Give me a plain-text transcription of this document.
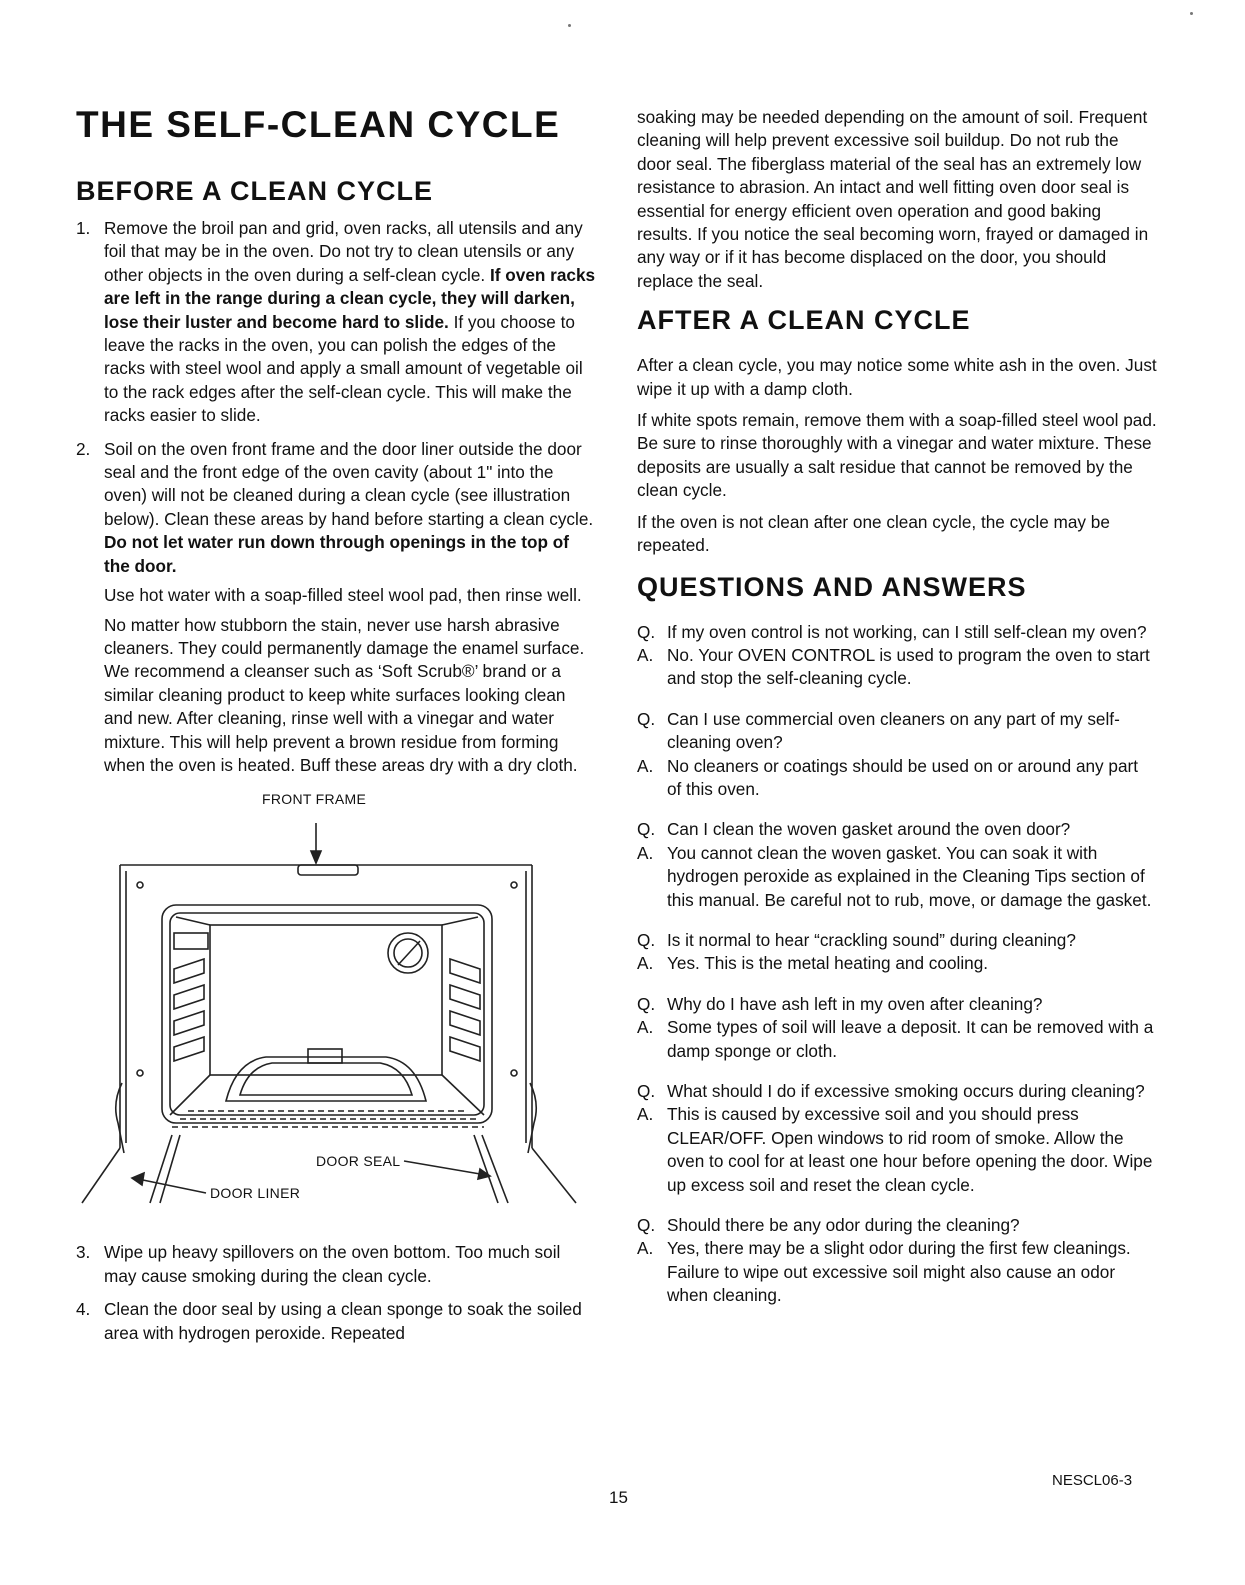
THE SELF-CLEAN CYCLE
BEFORE A CLEAN CYCLE
1. Remove the broil pan and grid, oven racks, all utensils and any foil that may be in the oven. Do not try to clean utensils or any other objects in the oven during a self-clean cycle. If oven racks are left in the range during a clean cycle, they will darken, lose their luster and become hard to slide. If you choose to leave the racks in the oven, you can polish the edges of the racks with steel wool and apply a small amount of vegetable oil to the rack edges after the self-clean cycle. This will make the racks easier to slide.
2. Soil on the oven front frame and the door liner outside the door seal and the front edge of the oven cavity (about 1" into the oven) will not be cleaned during a clean cycle (see illustration below). Clean these areas by hand before starting a clean cycle. Do not let water run down through openings in the top of the door.

Use hot water with a soap-filled steel wool pad, then rinse well.

No matter how stubborn the stain, never use harsh abrasive cleaners. They could permanently damage the enamel surface. We recommend a cleanser such as ‘Soft Scrub®’ brand or a similar cleaning product to keep white surfaces looking clean and new. After cleaning, rinse well with a vinegar and water mixture. This will help prevent a brown residue from forming when the oven is heated. Buff these areas dry with a dry cloth.

FRONT FRAME
DOOR SEAL
DOOR LINER
3. Wipe up heavy spillovers on the oven bottom. Too much soil may cause smoking during the clean cycle.
4. Clean the door seal by using a clean sponge to soak the soiled area with hydrogen peroxide. Repeated

soaking may be needed depending on the amount of soil. Frequent cleaning will help prevent excessive soil buildup. Do not rub the door seal. The fiberglass material of the seal has an extremely low resistance to abrasion. An intact and well fitting oven door seal is essential for energy efficient oven operation and good baking results. If you notice the seal becoming worn, frayed or damaged in any way or if it has become displaced on the door, you should replace the seal.

AFTER A CLEAN CYCLE

After a clean cycle, you may notice some white ash in the oven. Just wipe it up with a damp cloth.

If white spots remain, remove them with a soap-filled steel wool pad. Be sure to rinse thoroughly with a vinegar and water mixture. These deposits are usually a salt residue that cannot be removed by the clean cycle.

If the oven is not clean after one clean cycle, the cycle may be repeated.

QUESTIONS AND ANSWERS
Q. If my oven control is not working, can I still self-clean my oven?
A. No. Your OVEN CONTROL is used to program the oven to start and stop the self-cleaning cycle.
Q. Can I use commercial oven cleaners on any part of my self-cleaning oven?
A. No cleaners or coatings should be used on or around any part of this oven.
Q. Can I clean the woven gasket around the oven door?
A. You cannot clean the woven gasket. You can soak it with hydrogen peroxide as explained in the Cleaning Tips section of this manual. Be careful not to rub, move, or damage the gasket.
Q. Is it normal to hear “crackling sound” during cleaning?
A. Yes. This is the metal heating and cooling.
Q. Why do I have ash left in my oven after cleaning?
A. Some types of soil will leave a deposit. It can be removed with a damp sponge or cloth.
Q. What should I do if excessive smoking occurs during cleaning?
A. This is caused by excessive soil and you should press CLEAR/OFF. Open windows to rid room of smoke. Allow the oven to cool for at least one hour before opening the door. Wipe up excess soil and reset the clean cycle.
Q. Should there be any odor during the cleaning?
A. Yes, there may be a slight odor during the first few cleanings. Failure to wipe out excessive soil might also cause an odor when cleaning.
15
NESCL06-3
